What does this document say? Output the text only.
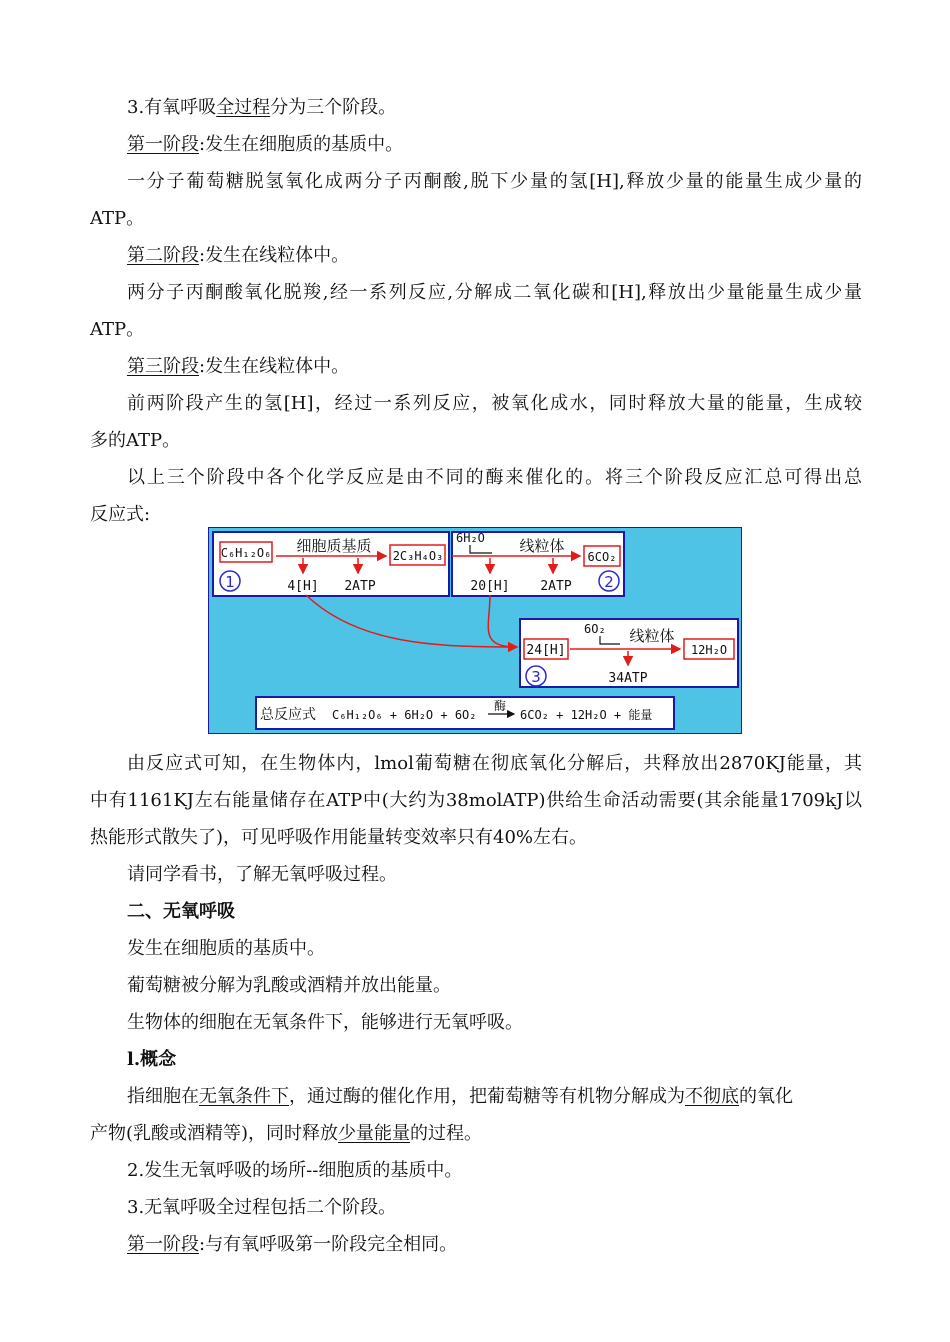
3.有氧呼吸全过程分为三个阶段。
第一阶段:发生在细胞质的基质中。
一分子葡萄糖脱氢氧化成两分子丙酮酸,脱下少量的氢[H],释放少量的能量生成少量的
ATP。
第二阶段:发生在线粒体中。
两分子丙酮酸氧化脱羧,经一系列反应,分解成二氧化碳和[H],释放出少量能量生成少量
ATP。
第三阶段:发生在线粒体中。
前两阶段产生的氢[H]，经过一系列反应，被氧化成水，同时释放大量的能量，生成较
多的ATP。
以上三个阶段中各个化学反应是由不同的酶来催化的。将三个阶段反应汇总可得出总
反应式:
C₆H₁₂O₆ 细胞质基质
2C₃H₄O₃
4[H] 2ATP
1
6H₂O 线粒体
6CO₂
20[H] 2ATP 2
24[H]
6O₂ 线粒体
12H₂O
34ATP
3
总反应式 C₆H₁₂O₆ + 6H₂O + 6O₂
酶
6CO₂ + 12H₂O + 能量
由反应式可知，在生物体内，lmol葡萄糖在彻底氧化分解后，共释放出2870KJ能量，其
中有1161KJ左右能量储存在ATP中(大约为38molATP)供给生命活动需要(其余能量1709kJ以
热能形式散失了)，可见呼吸作用能量转变效率只有40%左右。
请同学看书，了解无氧呼吸过程。
二、无氧呼吸
发生在细胞质的基质中。
葡萄糖被分解为乳酸或酒精并放出能量。
生物体的细胞在无氧条件下，能够进行无氧呼吸。
l.概念
指细胞在无氧条件下，通过酶的催化作用，把葡萄糖等有机物分解成为不彻底的氧化
产物(乳酸或酒精等)，同时释放少量能量的过程。
2.发生无氧呼吸的场所--细胞质的基质中。
3.无氧呼吸全过程包括二个阶段。
第一阶段:与有氧呼吸第一阶段完全相同。
